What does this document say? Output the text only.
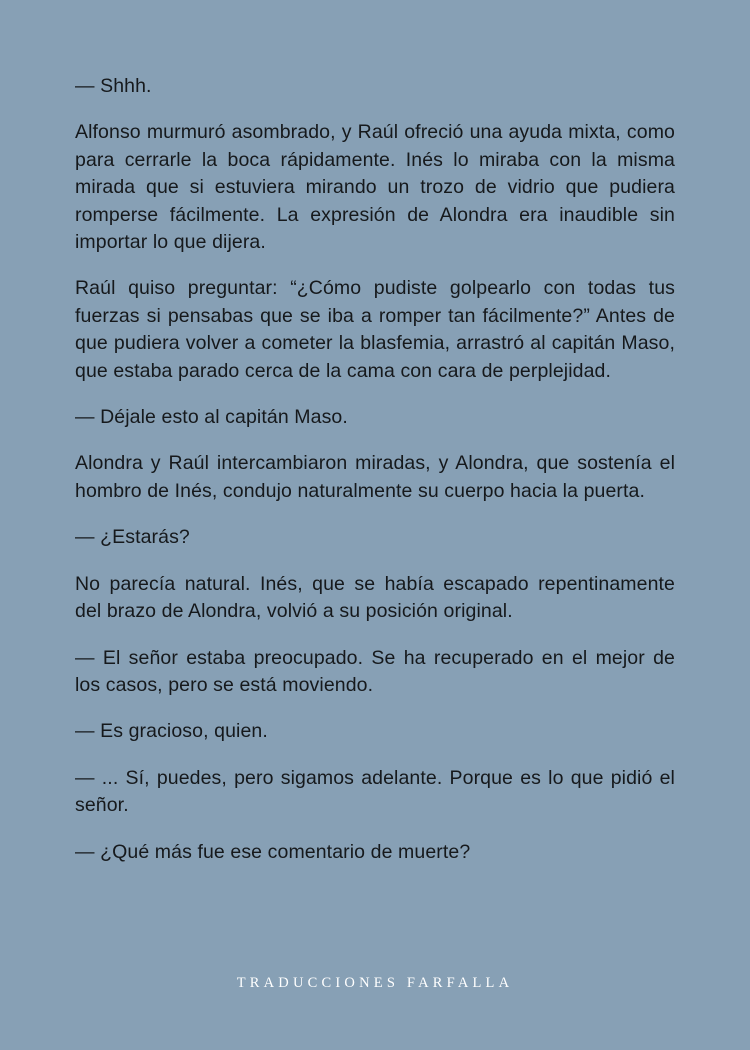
— Shhh.

Alfonso murmuró asombrado, y Raúl ofreció una ayuda mixta, como para cerrarle la boca rápidamente. Inés lo miraba con la misma mirada que si estuviera mirando un trozo de vidrio que pudiera romperse fácilmente. La expresión de Alondra era inaudible sin importar lo que dijera.

Raúl quiso preguntar: “¿Cómo pudiste golpearlo con todas tus fuerzas si pensabas que se iba a romper tan fácilmente?” Antes de que pudiera volver a cometer la blasfemia, arrastró al capitán Maso, que estaba parado cerca de la cama con cara de perplejidad.

— Déjale esto al capitán Maso.

Alondra y Raúl intercambiaron miradas, y Alondra, que sostenía el hombro de Inés, condujo naturalmente su cuerpo hacia la puerta.

— ¿Estarás?

No parecía natural. Inés, que se había escapado repentinamente del brazo de Alondra, volvió a su posición original.

— El señor estaba preocupado. Se ha recuperado en el mejor de los casos, pero se está moviendo.

— Es gracioso, quien.

— ... Sí, puedes, pero sigamos adelante. Porque es lo que pidió el señor.

— ¿Qué más fue ese comentario de muerte?

TRADUCCIONES FARFALLA
